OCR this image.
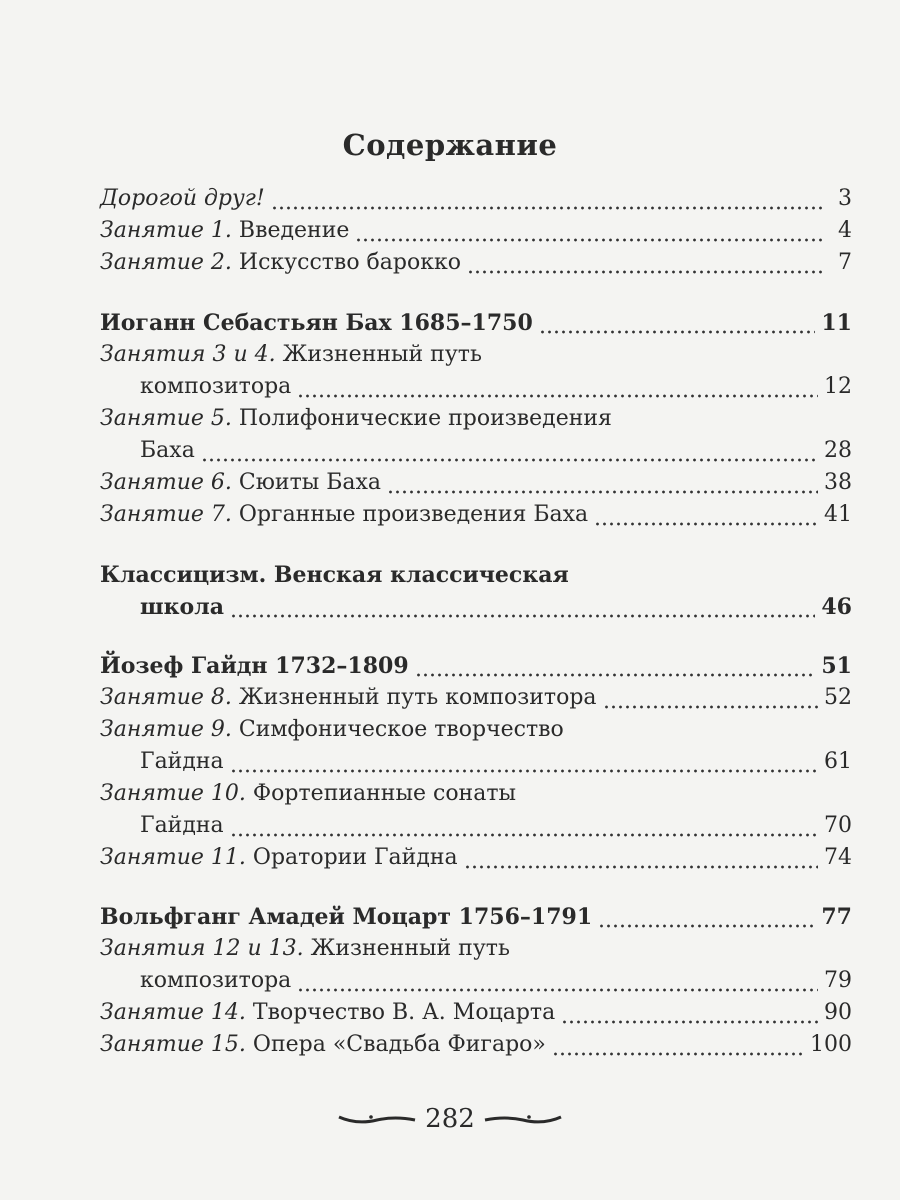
Содержание
Дорогой друг!	3
Занятие 1. Введение	4
Занятие 2. Искусство барокко	7
Иоганн Себастьян Бах 1685–1750	11
Занятия 3 и 4. Жизненный путь
композитора	12
Занятие 5. Полифонические произведения
Баха	28
Занятие 6. Сюиты Баха	38
Занятие 7. Органные произведения Баха	41
Классицизм. Венская классическая
школа	46
Йозеф Гайдн 1732–1809	51
Занятие 8. Жизненный путь композитора	52
Занятие 9. Симфоническое творчество
Гайдна	61
Занятие 10. Фортепианные сонаты
Гайдна	70
Занятие 11. Оратории Гайдна	74
Вольфганг Амадей Моцарт 1756–1791	77
Занятия 12 и 13. Жизненный путь
композитора	79
Занятие 14. Творчество В. А. Моцарта	90
Занятие 15. Опера «Свадьба Фигаро»	100
282
